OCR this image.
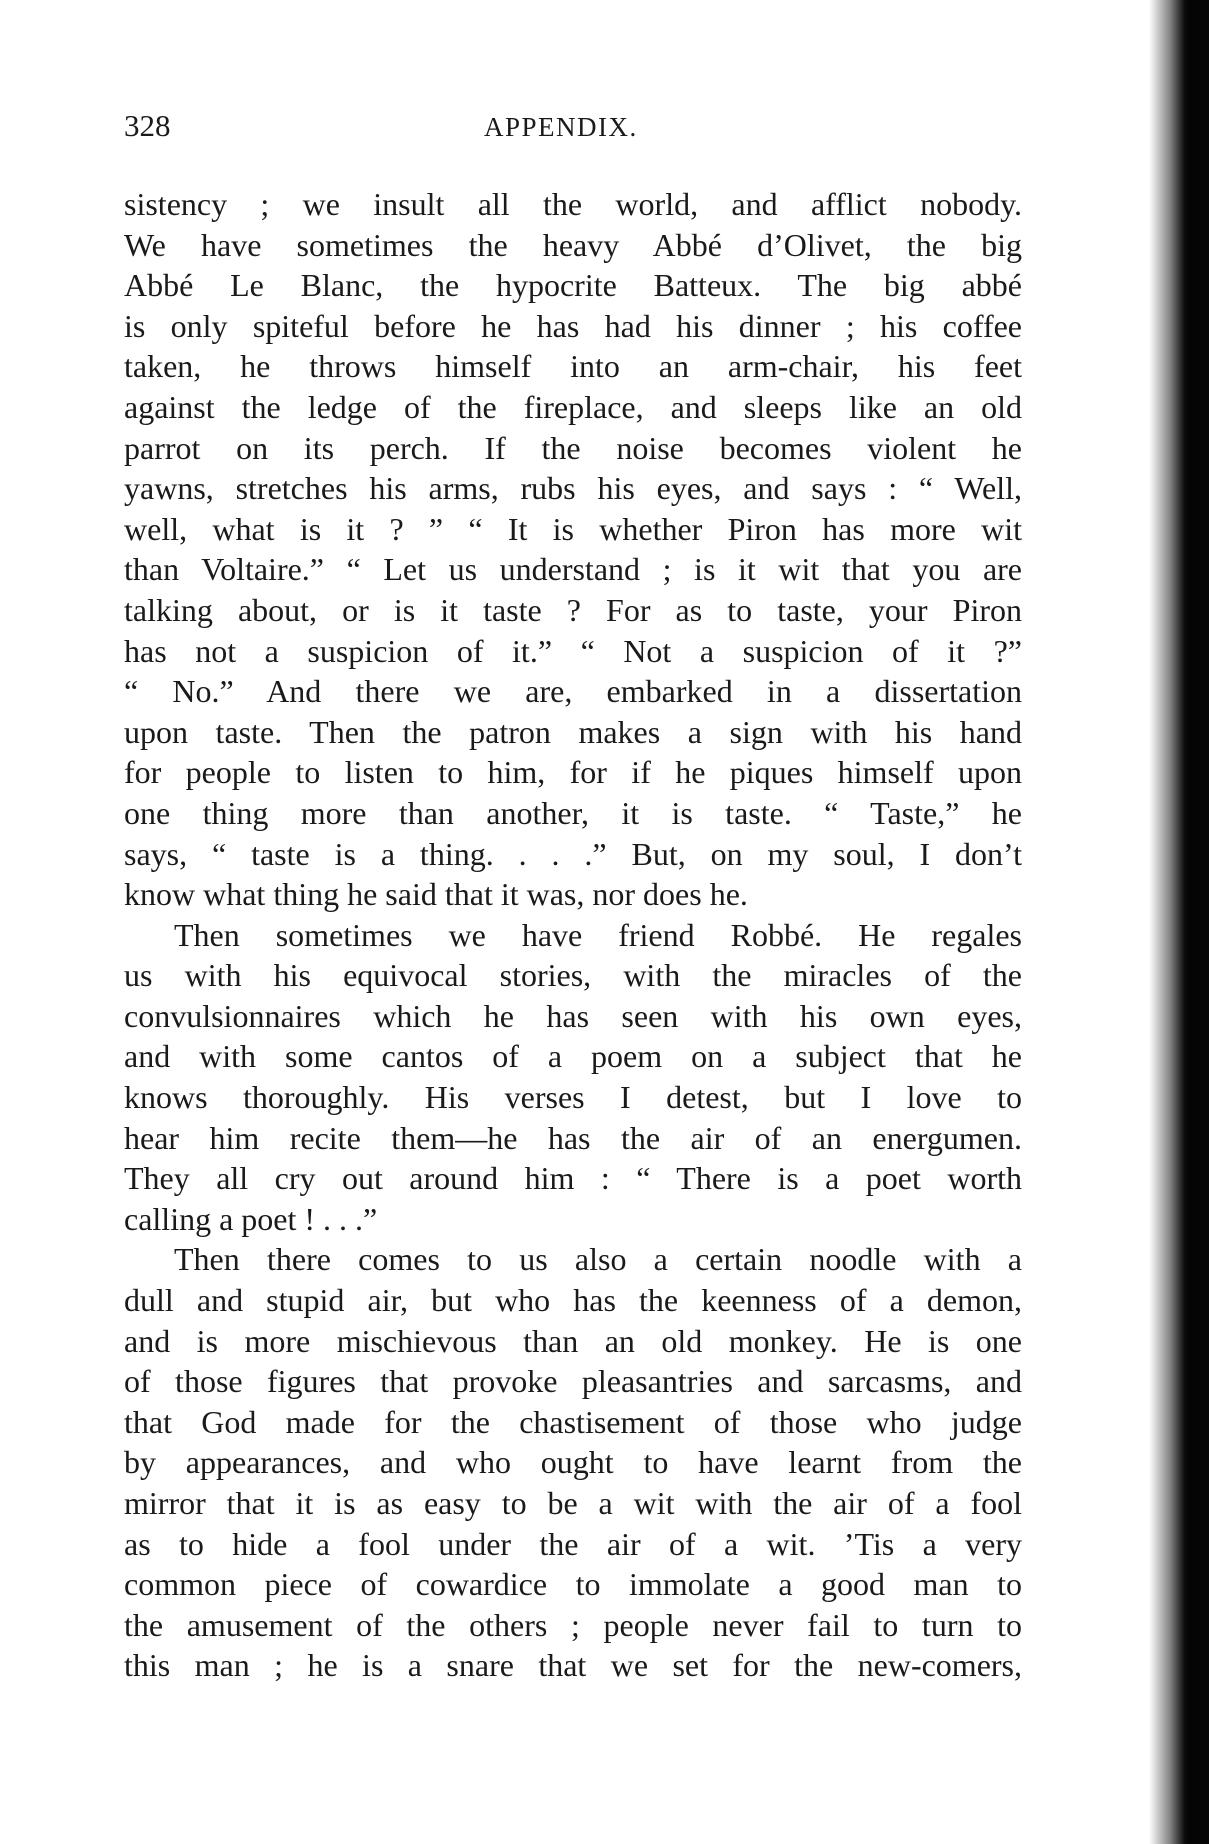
328	APPENDIX.
sistency ; we insult all the world, and afflict nobody.
We have sometimes the heavy Abbé d’Olivet, the big
Abbé Le Blanc, the hypocrite Batteux. The big abbé
is only spiteful before he has had his dinner ; his coffee
taken, he throws himself into an arm-chair, his feet
against the ledge of the fireplace, and sleeps like an old
parrot on its perch. If the noise becomes violent he
yawns, stretches his arms, rubs his eyes, and says : “ Well,
well, what is it ? ” “ It is whether Piron has more wit
than Voltaire.” “ Let us understand ; is it wit that you are
talking about, or is it taste ? For as to taste, your Piron
has not a suspicion of it.” “ Not a suspicion of it ?”
“ No.” And there we are, embarked in a dissertation
upon taste. Then the patron makes a sign with his hand
for people to listen to him, for if he piques himself upon
one thing more than another, it is taste. “ Taste,” he
says, “ taste is a thing. . . .” But, on my soul, I don’t
know what thing he said that it was, nor does he.
Then sometimes we have friend Robbé. He regales
us with his equivocal stories, with the miracles of the
convulsionnaires which he has seen with his own eyes,
and with some cantos of a poem on a subject that he
knows thoroughly. His verses I detest, but I love to
hear him recite them—he has the air of an energumen.
They all cry out around him : “ There is a poet worth
calling a poet ! . . .”
Then there comes to us also a certain noodle with a
dull and stupid air, but who has the keenness of a demon,
and is more mischievous than an old monkey. He is one
of those figures that provoke pleasantries and sarcasms, and
that God made for the chastisement of those who judge
by appearances, and who ought to have learnt from the
mirror that it is as easy to be a wit with the air of a fool
as to hide a fool under the air of a wit. ’Tis a very
common piece of cowardice to immolate a good man to
the amusement of the others ; people never fail to turn to
this man ; he is a snare that we set for the new-comers,
